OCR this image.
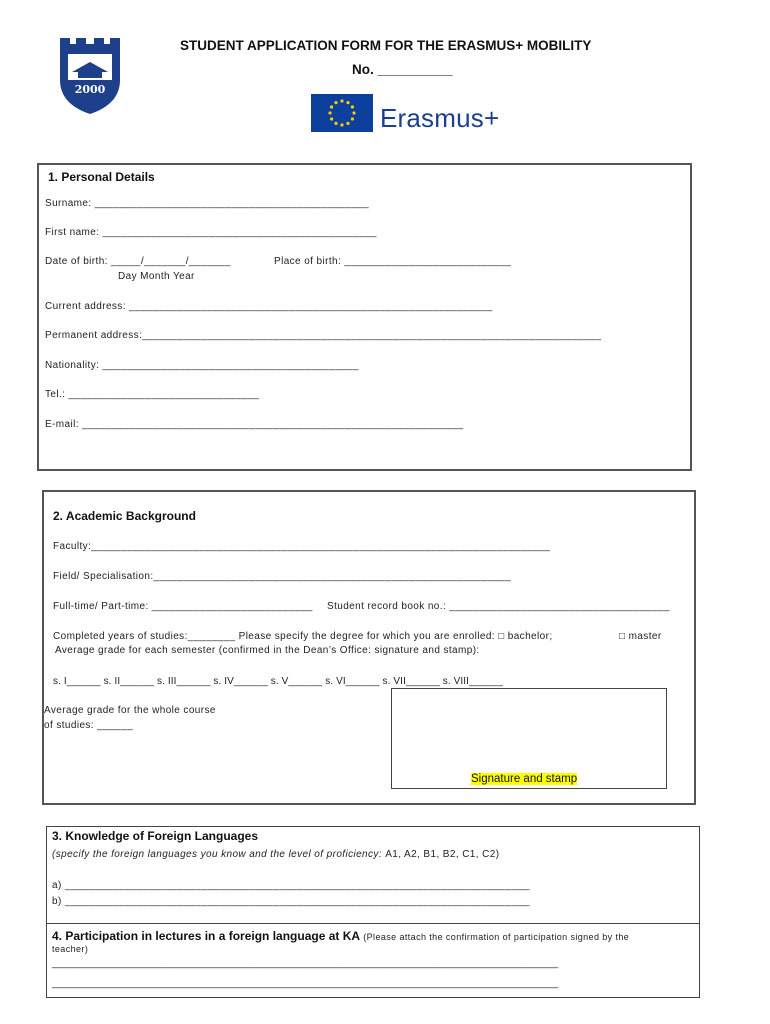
2000
STUDENT APPLICATION FORM FOR THE ERASMUS+ MOBILITY
No. __________
Erasmus+
1. Personal Details
Surname: ______________________________________________
First name: ______________________________________________
Date of birth: _____/_______/_______
Day Month Year
Place of birth: ____________________________
Current address: _____________________________________________________________
Permanent address:_____________________________________________________________________________
Nationality: ___________________________________________
Tel.: ________________________________
E-mail: ________________________________________________________________
2. Academic Background
Faculty:_____________________________________________________________________________
Field/ Specialisation:____________________________________________________________
Full-time/ Part-time: ___________________________ Student record book no.: _____________________________________
Completed years of studies:________ Please specify the degree for which you are enrolled: □ bachelor;	□ master
Average grade for each semester (confirmed in the Dean’s Office: signature and stamp):
s. I______ s. II______ s. III______ s. IV______ s. V______ s. VI______ s. VII______ s. VIII______
Average grade for the whole course
of studies: ______
Signature and stamp
3. Knowledge of Foreign Languages
(specify the foreign languages you know and the level of proficiency: A1, A2, B1, B2, C1, C2)
a) ______________________________________________________________________________
b) ______________________________________________________________________________
4. Participation in lectures in a foreign language at KA (Please attach the confirmation of participation signed by the
teacher)
___________________________________________________________________________________________
___________________________________________________________________________________________
